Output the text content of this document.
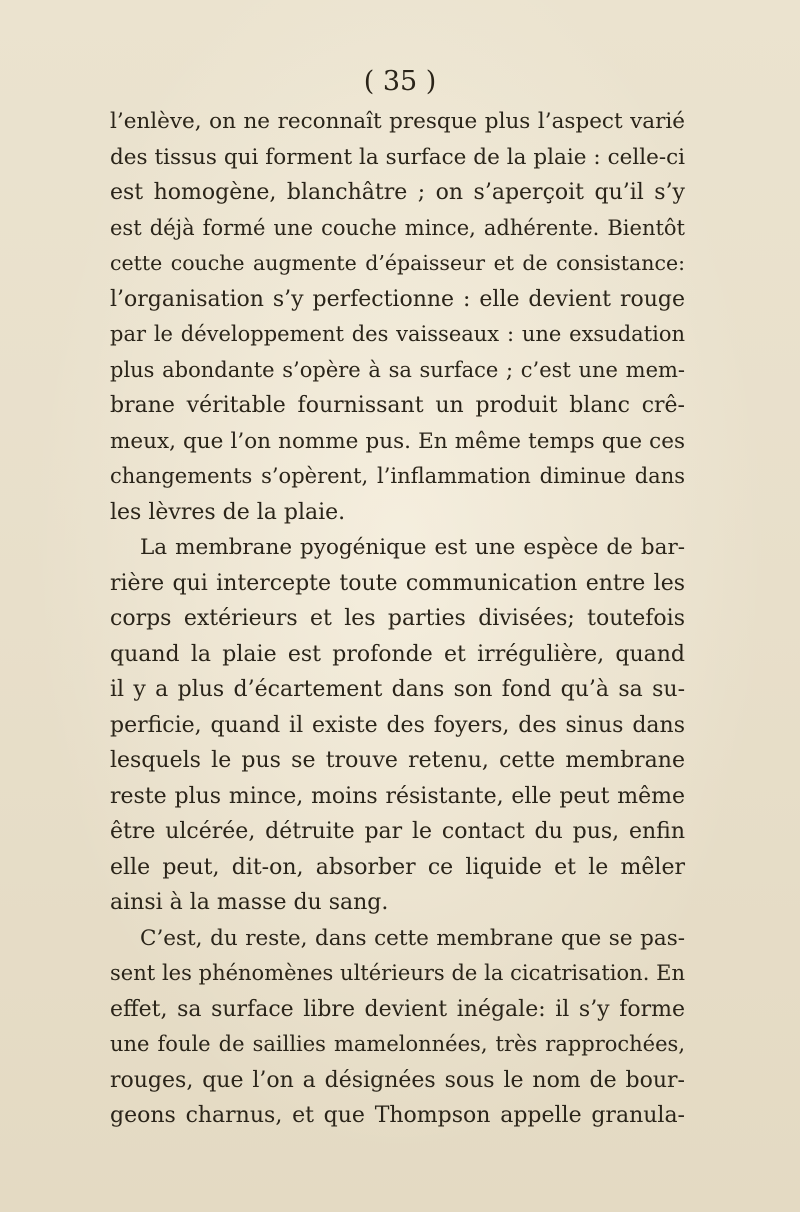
( 35 )
l’enlève, on ne reconnaît presque plus l’aspect varié
des tissus qui forment la surface de la plaie : celle-ci
est homogène, blanchâtre ; on s’aperçoit qu’il s’y
est déjà formé une couche mince, adhérente. Bientôt
cette couche augmente d’épaisseur et de consistance:
l’organisation s’y perfectionne : elle devient rouge
par le développement des vaisseaux : une exsudation
plus abondante s’opère à sa surface ; c’est une mem-
brane véritable fournissant un produit blanc crê-
meux, que l’on nomme pus. En même temps que ces
changements s’opèrent, l’inflammation diminue dans
les lèvres de la plaie.
La membrane pyogénique est une espèce de bar-
rière qui intercepte toute communication entre les
corps extérieurs et les parties divisées; toutefois
quand la plaie est profonde et irrégulière, quand
il y a plus d’écartement dans son fond qu’à sa su-
perficie, quand il existe des foyers, des sinus dans
lesquels le pus se trouve retenu, cette membrane
reste plus mince, moins résistante, elle peut même
être ulcérée, détruite par le contact du pus, enfin
elle peut, dit-on, absorber ce liquide et le mêler
ainsi à la masse du sang.
C’est, du reste, dans cette membrane que se pas-
sent les phénomènes ultérieurs de la cicatrisation. En
effet, sa surface libre devient inégale: il s’y forme
une foule de saillies mamelonnées, très rapprochées,
rouges, que l’on a désignées sous le nom de bour-
geons charnus, et que Thompson appelle granula-
